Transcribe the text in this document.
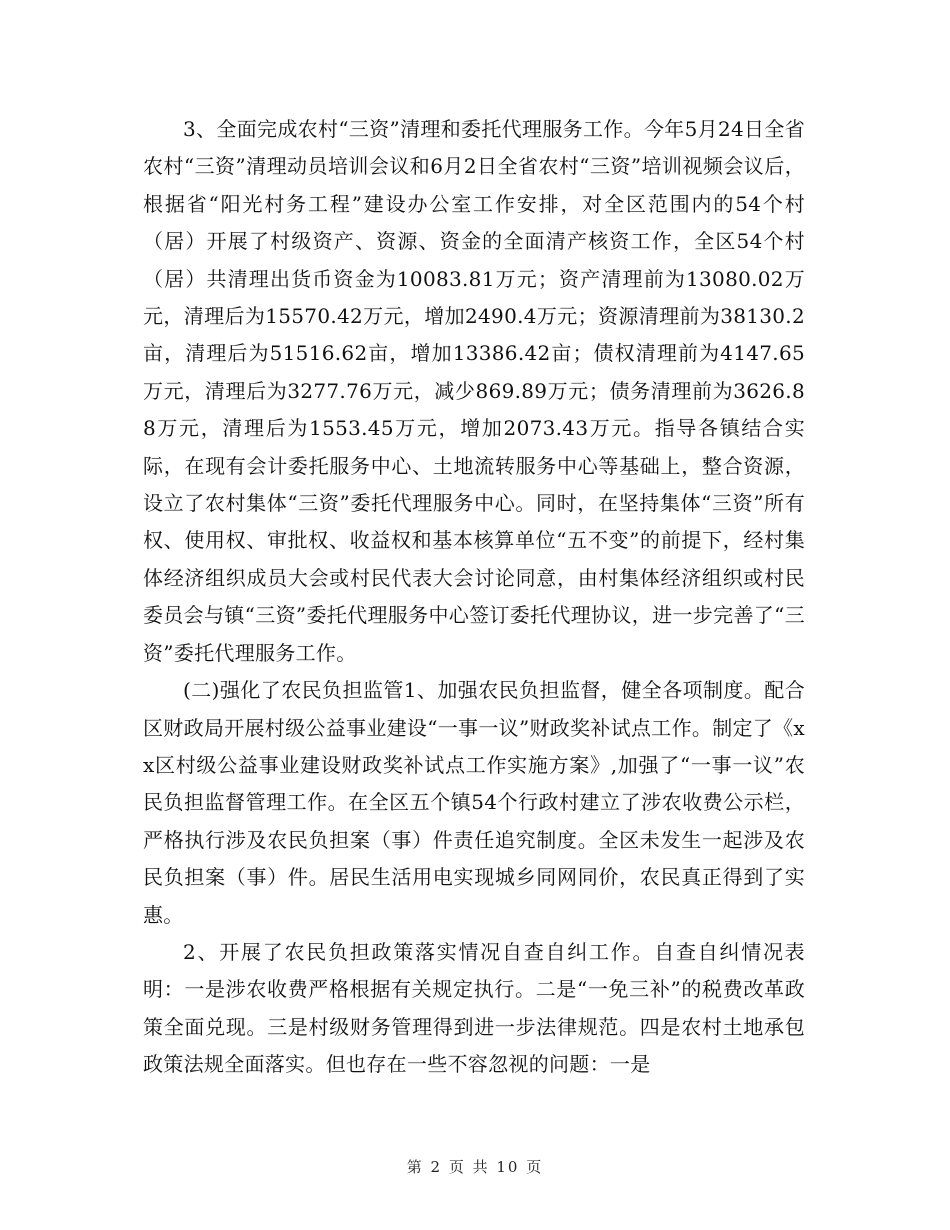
3、全面完成农村“三资”清理和委托代理服务工作。今年5月24日全省农村“三资”清理动员培训会议和6月2日全省农村“三资”培训视频会议后，根据省“阳光村务工程”建设办公室工作安排，对全区范围内的54个村（居）开展了村级资产、资源、资金的全面清产核资工作，全区54个村（居）共清理出货币资金为10083.81万元；资产清理前为13080.02万元，清理后为15570.42万元，增加2490.4万元；资源清理前为38130.2亩，清理后为51516.62亩，增加13386.42亩；债权清理前为4147.65万元，清理后为3277.76万元，减少869.89万元；债务清理前为3626.88万元，清理后为1553.45万元，增加2073.43万元。指导各镇结合实际，在现有会计委托服务中心、土地流转服务中心等基础上，整合资源，设立了农村集体“三资”委托代理服务中心。同时，在坚持集体“三资”所有权、使用权、审批权、收益权和基本核算单位“五不变”的前提下，经村集体经济组织成员大会或村民代表大会讨论同意，由村集体经济组织或村民委员会与镇“三资”委托代理服务中心签订委托代理协议，进一步完善了“三资”委托代理服务工作。

(二)强化了农民负担监管1、加强农民负担监督，健全各项制度。配合区财政局开展村级公益事业建设“一事一议”财政奖补试点工作。制定了《xx区村级公益事业建设财政奖补试点工作实施方案》,加强了“一事一议”农民负担监督管理工作。在全区五个镇54个行政村建立了涉农收费公示栏，严格执行涉及农民负担案（事）件责任追究制度。全区未发生一起涉及农民负担案（事）件。居民生活用电实现城乡同网同价，农民真正得到了实惠。

2、开展了农民负担政策落实情况自查自纠工作。自查自纠情况表明：一是涉农收费严格根据有关规定执行。二是“一免三补”的税费改革政策全面兑现。三是村级财务管理得到进一步法律规范。四是农村土地承包政策法规全面落实。但也存在一些不容忽视的问题：一是

第 2 页 共 10 页
